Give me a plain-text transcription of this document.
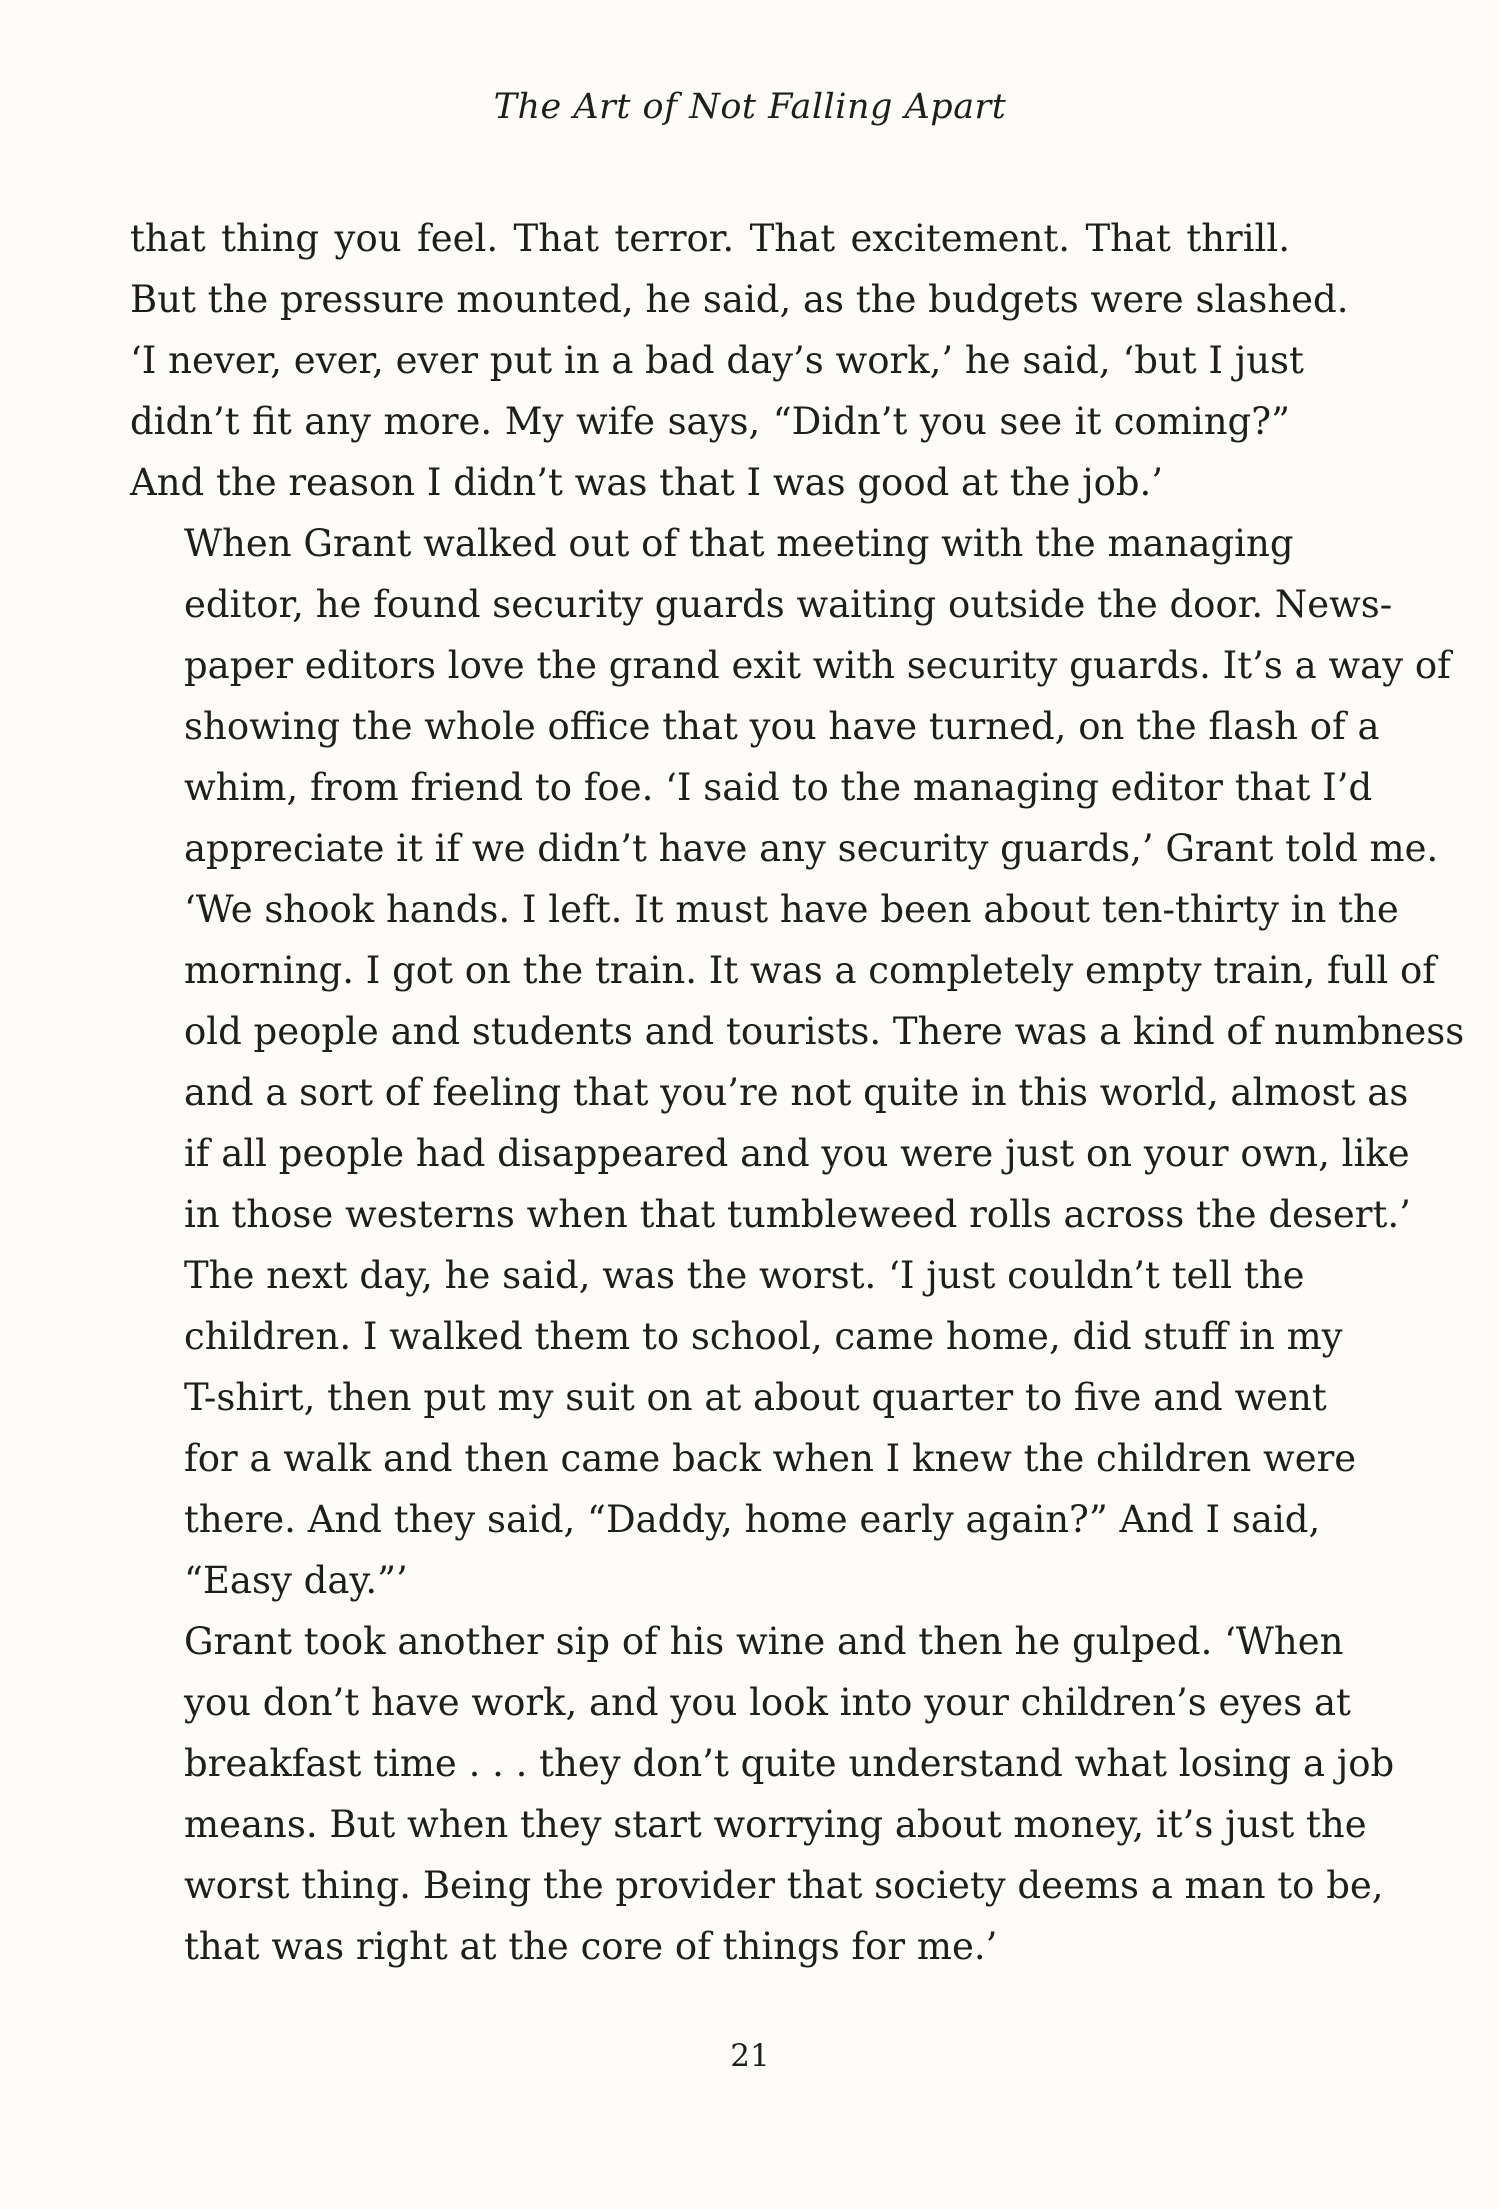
The Art of Not Falling Apart

that thing you feel. That terror. That excitement. That thrill.
But the pressure mounted, he said, as the budgets were slashed.
‘I never, ever, ever put in a bad day’s work,’ he said, ‘but I just
didn’t fit any more. My wife says, “Didn’t you see it coming?”
And the reason I didn’t was that I was good at the job.’

When Grant walked out of that meeting with the managing
editor, he found security guards waiting outside the door. News-
paper editors love the grand exit with security guards. It’s a way of
showing the whole office that you have turned, on the flash of a
whim, from friend to foe. ‘I said to the managing editor that I’d
appreciate it if we didn’t have any security guards,’ Grant told me.
‘We shook hands. I left. It must have been about ten-thirty in the
morning. I got on the train. It was a completely empty train, full of
old people and students and tourists. There was a kind of numbness
and a sort of feeling that you’re not quite in this world, almost as
if all people had disappeared and you were just on your own, like
in those westerns when that tumbleweed rolls across the desert.’

The next day, he said, was the worst. ‘I just couldn’t tell the
children. I walked them to school, came home, did stuff in my
T-shirt, then put my suit on at about quarter to five and went
for a walk and then came back when I knew the children were
there. And they said, “Daddy, home early again?” And I said,
“Easy day.”’

Grant took another sip of his wine and then he gulped. ‘When
you don’t have work, and you look into your children’s eyes at
breakfast time . . . they don’t quite understand what losing a job
means. But when they start worrying about money, it’s just the
worst thing. Being the provider that society deems a man to be,
that was right at the core of things for me.’

21
